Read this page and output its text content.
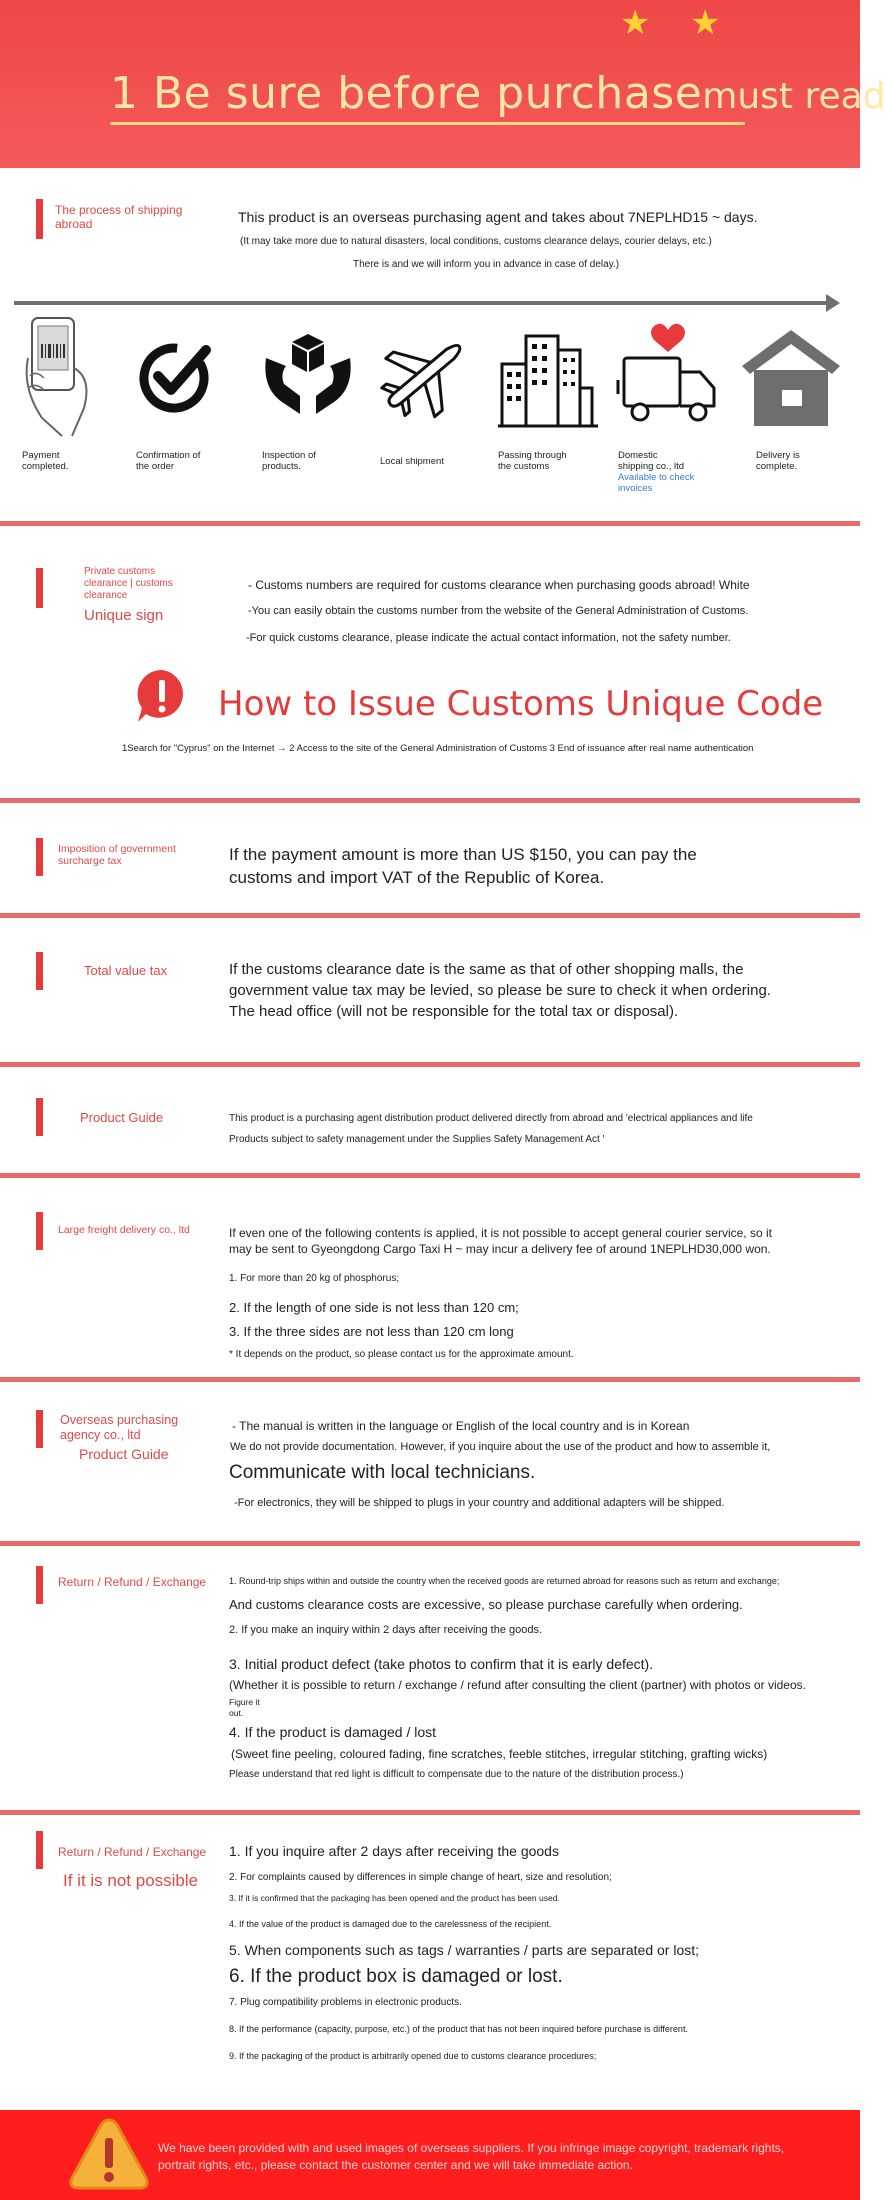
★ ★
1 Be sure before purchasemust read
The process of shipping abroad	This product is an overseas purchasing agent and takes about 7NEPLHD15 ~ days.
(It may take more due to natural disasters, local conditions, customs clearance delays, courier delays, etc.)
There is and we will inform you in advance in case of delay.)
Payment
completed.
Confirmation of
the order
Inspection of
products.	Local shipment
Passing through
the customs
Domestic
shipping co., ltd
Available to check
invoices
Delivery is
complete.
Private customs
clearance | customs
clearance
Unique sign
- Customs numbers are required for customs clearance when purchasing goods abroad! White
-You can easily obtain the customs number from the website of the General Administration of Customs.
-For quick customs clearance, please indicate the actual contact information, not the safety number.
How to Issue Customs Unique Code
1Search for "Cyprus" on the Internet → 2 Access to the site of the General Administration of Customs 3 End of issuance after real name authentication
Imposition of government
surcharge tax	If the payment amount is more than US $150, you can pay the
customs and import VAT of the Republic of Korea.
Total value tax	If the customs clearance date is the same as that of other shopping malls, the
government value tax may be levied, so please be sure to check it when ordering.
The head office (will not be responsible for the total tax or disposal).
Product Guide	This product is a purchasing agent distribution product delivered directly from abroad and 'electrical appliances and life
Products subject to safety management under the Supplies Safety Management Act '
Large freight delivery co., ltd	If even one of the following contents is applied, it is not possible to accept general courier service, so it
may be sent to Gyeongdong Cargo Taxi H ~ may incur a delivery fee of around 1NEPLHD30,000 won.
1. For more than 20 kg of phosphorus;
2. If the length of one side is not less than 120 cm;
3. If the three sides are not less than 120 cm long
* It depends on the product, so please contact us for the approximate amount.
Overseas purchasing
agency co., ltd
Product Guide
- The manual is written in the language or English of the local country and is in Korean
We do not provide documentation. However, if you inquire about the use of the product and how to assemble it,
Communicate with local technicians.
-For electronics, they will be shipped to plugs in your country and additional adapters will be shipped.
Return / Refund / Exchange	1. Round-trip ships within and outside the country when the received goods are returned abroad for reasons such as return and exchange;
And customs clearance costs are excessive, so please purchase carefully when ordering.
2. If you make an inquiry within 2 days after receiving the goods.
3. Initial product defect (take photos to confirm that it is early defect).
(Whether it is possible to return / exchange / refund after consulting the client (partner) with photos or videos.
Figure it
out.
4. If the product is damaged / lost
(Sweet fine peeling, coloured fading, fine scratches, feeble stitches, irregular stitching, grafting wicks)
Please understand that red light is difficult to compensate due to the nature of the distribution process.)
Return / Refund / Exchange
If it is not possible
1. If you inquire after 2 days after receiving the goods
2. For complaints caused by differences in simple change of heart, size and resolution;
3. If it is confirmed that the packaging has been opened and the product has been used.
4. If the value of the product is damaged due to the carelessness of the recipient.
5. When components such as tags / warranties / parts are separated or lost;
6. If the product box is damaged or lost.
7. Plug compatibility problems in electronic products.
8. If the performance (capacity, purpose, etc.) of the product that has not been inquired before purchase is different.
9. If the packaging of the product is arbitrarily opened due to customs clearance procedures;
We have been provided with and used images of overseas suppliers. If you infringe image copyright, trademark rights, portrait rights, etc., please contact the customer center and we will take immediate action.
